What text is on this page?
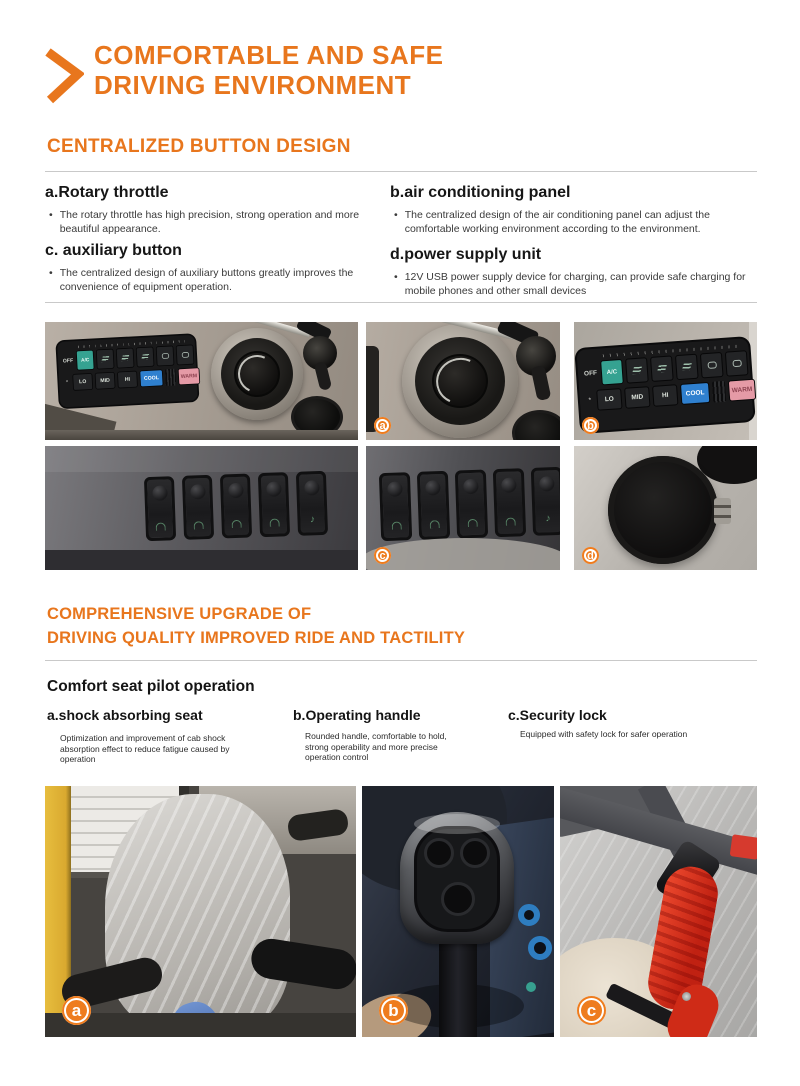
COMFORTABLE AND SAFE
DRIVING ENVIRONMENT
CENTRALIZED BUTTON DESIGN
a.Rotary throttle
• The rotary throttle has high precision, strong operation and more beautiful appearance.
b.air conditioning panel
• The centralized design of the air conditioning panel can adjust the comfortable working environment according to the environment.
c. auxiliary button
• The centralized design of auxiliary buttons greatly improves the convenience of equipment operation.
d.power supply unit
• 12V USB power supply device for charging, can provide safe charging for mobile phones and other small devices
OFF	A/C
*	LO	MID	HI	COOL	WARM
a
OFF	A/C
*	LO	MID	HI	COOL	WARM
b
♪	♪
c	d
COMPREHENSIVE UPGRADE OF
DRIVING QUALITY IMPROVED RIDE AND TACTILITY
Comfort seat pilot operation
a.shock absorbing seat	b.Operating handle	c.Security lock
Optimization and improvement of cab shock absorption effect to reduce fatigue caused by operation
Rounded handle, comfortable to hold, strong operability and more precise operation control
Equipped with safety lock for safer operation
a	b	c
